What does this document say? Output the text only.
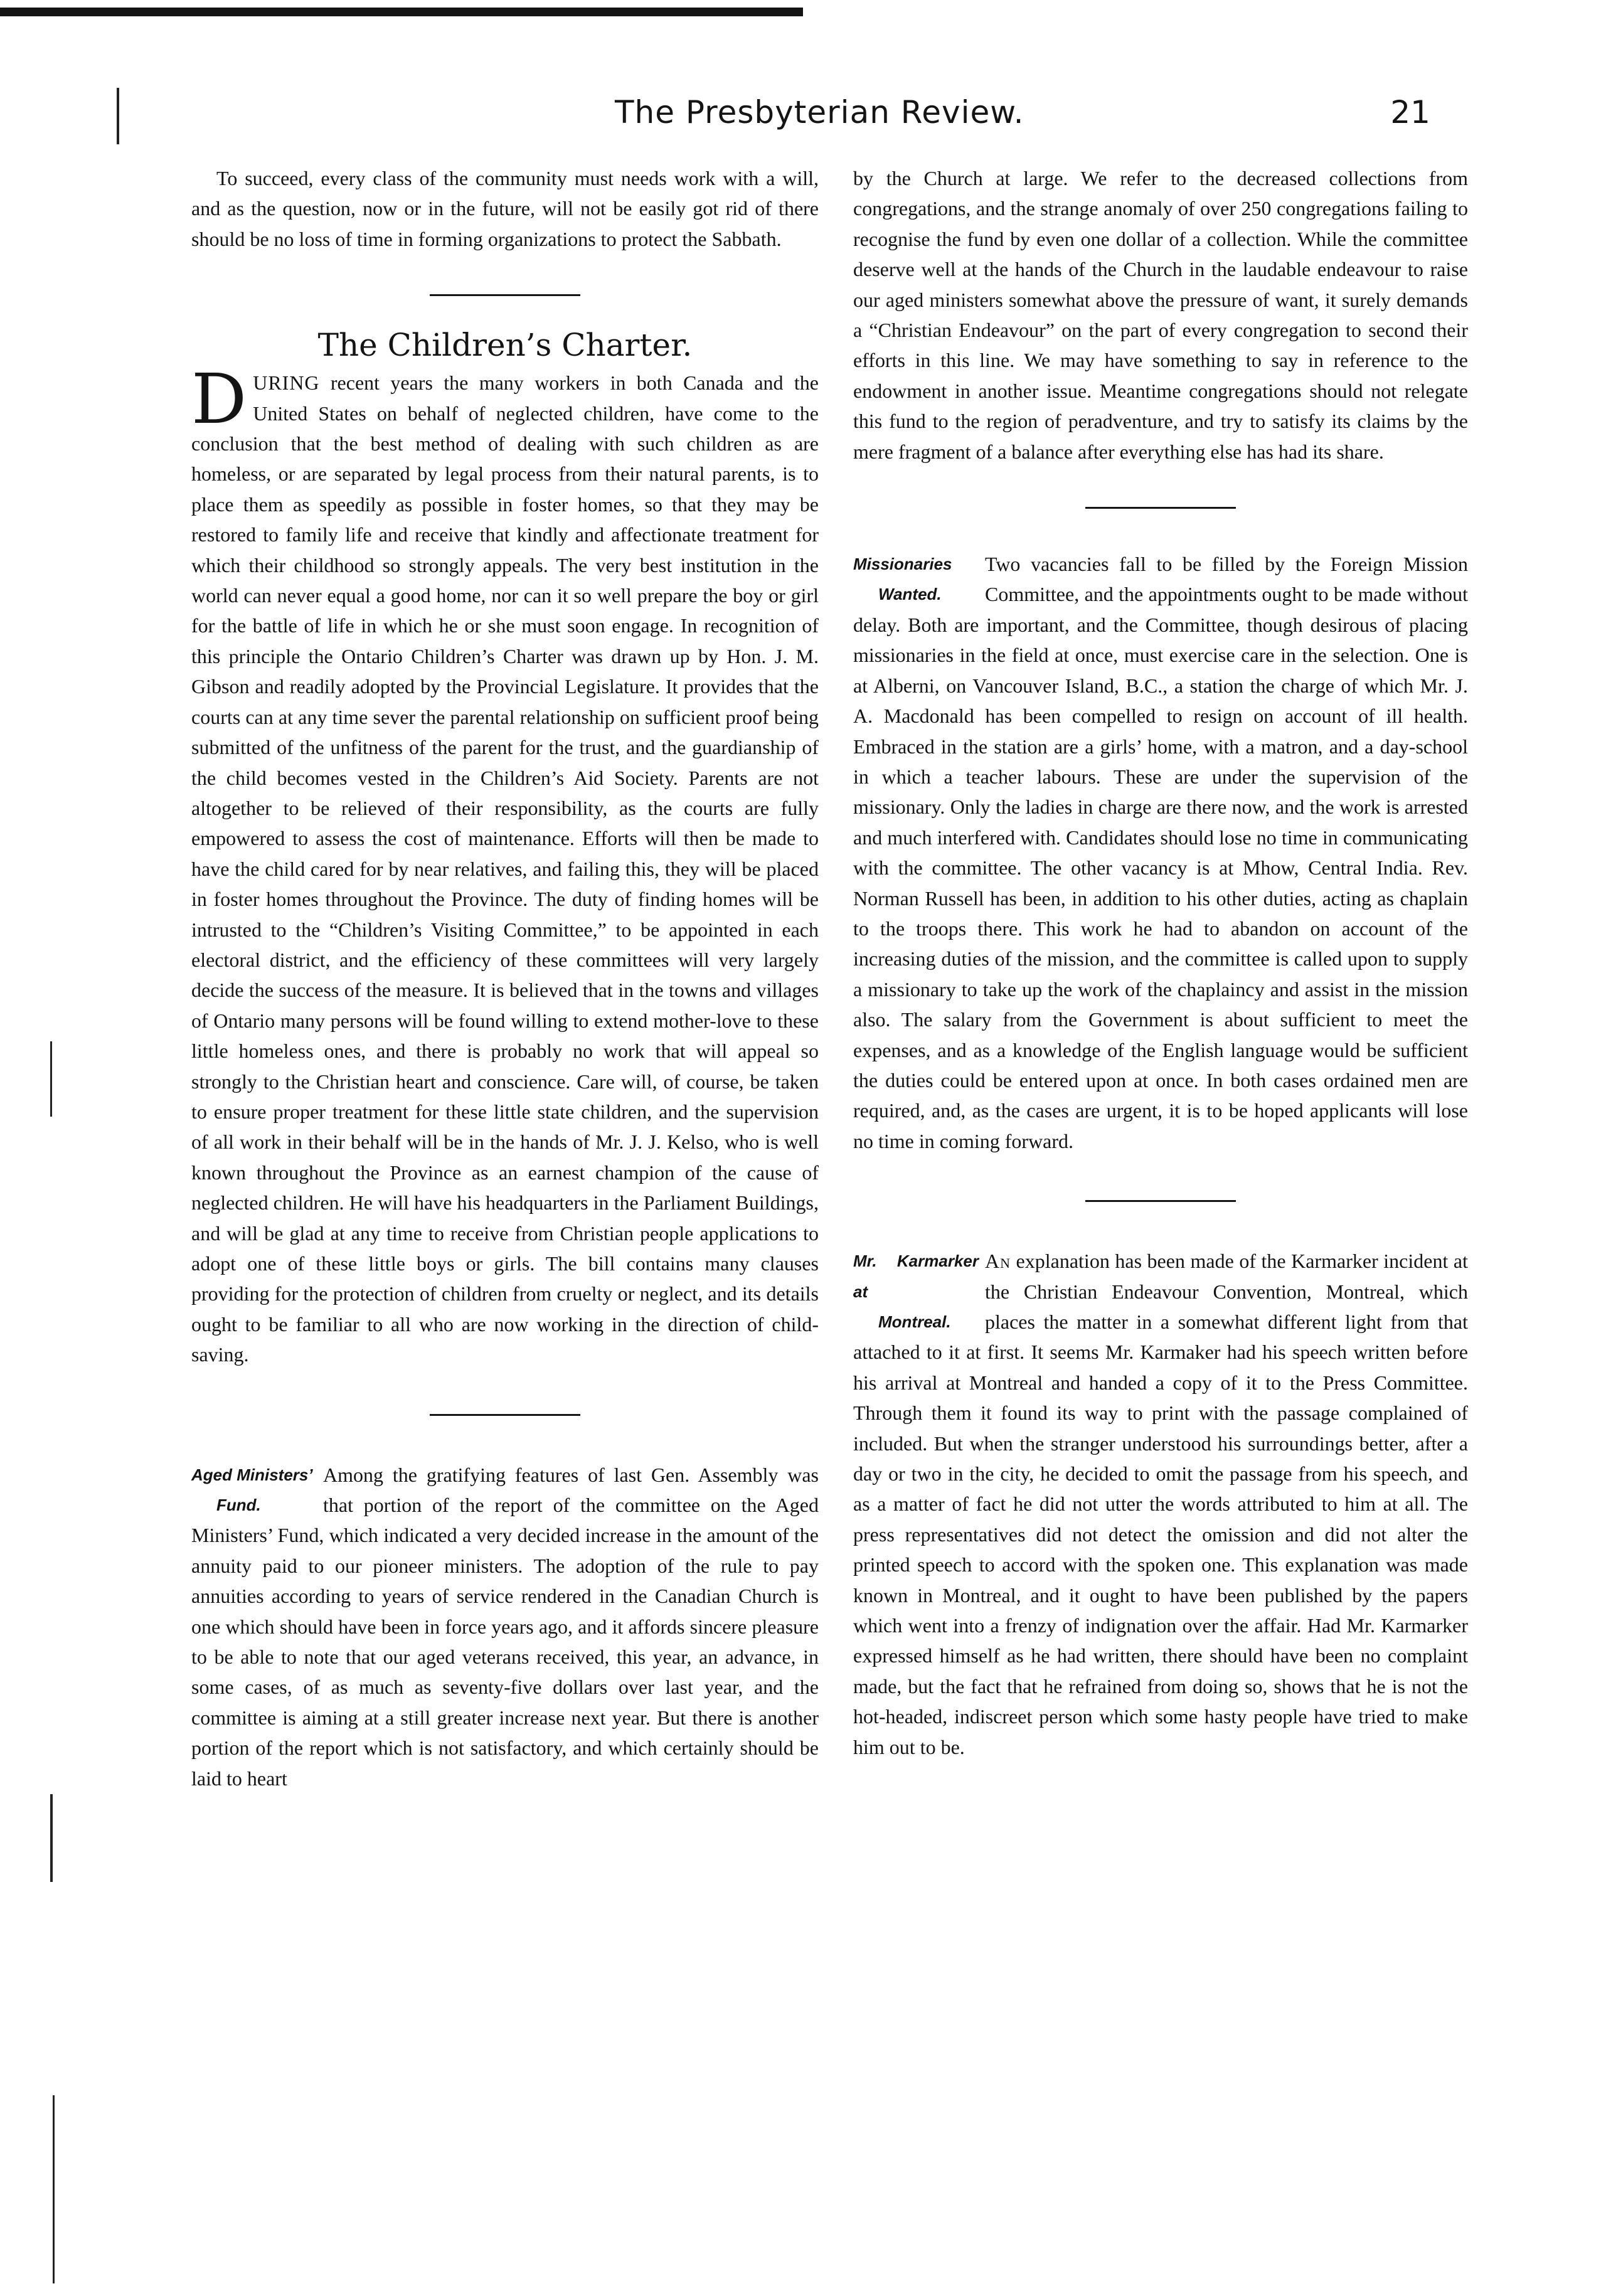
The Presbyterian Review.	21

To succeed, every class of the community must needs work with a will, and as the question, now or in the future, will not be easily got rid of there should be no loss of time in forming organizations to protect the Sabbath.

The Children’s Charter.

DURING recent years the many workers in both Canada and the United States on behalf of neglected children, have come to the conclusion that the best method of dealing with such children as are homeless, or are separated by legal process from their natural parents, is to place them as speedily as possible in foster homes, so that they may be restored to family life and receive that kindly and affectionate treatment for which their childhood so strongly appeals. The very best institution in the world can never equal a good home, nor can it so well prepare the boy or girl for the battle of life in which he or she must soon engage. In recognition of this principle the Ontario Children’s Charter was drawn up by Hon. J. M. Gibson and readily adopted by the Provincial Legislature. It provides that the courts can at any time sever the parental relationship on sufficient proof being submitted of the unfitness of the parent for the trust, and the guardianship of the child becomes vested in the Children’s Aid Society. Parents are not altogether to be relieved of their responsibility, as the courts are fully empowered to assess the cost of maintenance. Efforts will then be made to have the child cared for by near relatives, and failing this, they will be placed in foster homes throughout the Province. The duty of finding homes will be intrusted to the “Children’s Visiting Committee,” to be appointed in each electoral district, and the efficiency of these committees will very largely decide the success of the measure. It is believed that in the towns and villages of Ontario many persons will be found willing to extend mother-love to these little homeless ones, and there is probably no work that will appeal so strongly to the Christian heart and conscience. Care will, of course, be taken to ensure proper treatment for these little state children, and the supervision of all work in their behalf will be in the hands of Mr. J. J. Kelso, who is well known throughout the Province as an earnest champion of the cause of neglected children. He will have his headquarters in the Parliament Buildings, and will be glad at any time to receive from Christian people applications to adopt one of these little boys or girls. The bill contains many clauses providing for the protection of children from cruelty or neglect, and its details ought to be familiar to all who are now working in the direction of child-saving.

Aged Ministers’
Fund.
Among the gratifying features of last Gen. Assembly was that portion of the report of the committee on the Aged Ministers’ Fund, which indicated a very decided increase in the amount of the annuity paid to our pioneer ministers. The adoption of the rule to pay annuities according to years of service rendered in the Canadian Church is one which should have been in force years ago, and it affords sincere pleasure to be able to note that our aged veterans received, this year, an advance, in some cases, of as much as seventy-five dollars over last year, and the committee is aiming at a still greater increase next year. But there is another portion of the report which is not satisfactory, and which certainly should be laid to heart

by the Church at large. We refer to the decreased collections from congregations, and the strange anomaly of over 250 congregations failing to recognise the fund by even one dollar of a collection. While the committee deserve well at the hands of the Church in the laudable endeavour to raise our aged ministers somewhat above the pressure of want, it surely demands a “Christian Endeavour” on the part of every congregation to second their efforts in this line. We may have something to say in reference to the endowment in another issue. Meantime congregations should not relegate this fund to the region of peradventure, and try to satisfy its claims by the mere fragment of a balance after everything else has had its share.

Missionaries
Wanted.
Two vacancies fall to be filled by the Foreign Mission Committee, and the appointments ought to be made without delay. Both are important, and the Committee, though desirous of placing missionaries in the field at once, must exercise care in the selection. One is at Alberni, on Vancouver Island, B.C., a station the charge of which Mr. J. A. Macdonald has been compelled to resign on account of ill health. Embraced in the station are a girls’ home, with a matron, and a day-school in which a teacher labours. These are under the supervision of the missionary. Only the ladies in charge are there now, and the work is arrested and much interfered with. Candidates should lose no time in communicating with the committee. The other vacancy is at Mhow, Central India. Rev. Norman Russell has been, in addition to his other duties, acting as chaplain to the troops there. This work he had to abandon on account of the increasing duties of the mission, and the committee is called upon to supply a missionary to take up the work of the chaplaincy and assist in the mission also. The salary from the Government is about sufficient to meet the expenses, and as a knowledge of the English language would be sufficient the duties could be entered upon at once. In both cases ordained men are required, and, as the cases are urgent, it is to be hoped applicants will lose no time in coming forward.

Mr. Karmarker at
Montreal.
An explanation has been made of the Karmarker incident at the Christian Endeavour Convention, Montreal, which places the matter in a somewhat different light from that attached to it at first. It seems Mr. Karmaker had his speech written before his arrival at Montreal and handed a copy of it to the Press Committee. Through them it found its way to print with the passage complained of included. But when the stranger understood his surroundings better, after a day or two in the city, he decided to omit the passage from his speech, and as a matter of fact he did not utter the words attributed to him at all. The press representatives did not detect the omission and did not alter the printed speech to accord with the spoken one. This explanation was made known in Montreal, and it ought to have been published by the papers which went into a frenzy of indignation over the affair. Had Mr. Karmarker expressed himself as he had written, there should have been no complaint made, but the fact that he refrained from doing so, shows that he is not the hot-headed, indiscreet person which some hasty people have tried to make him out to be.
